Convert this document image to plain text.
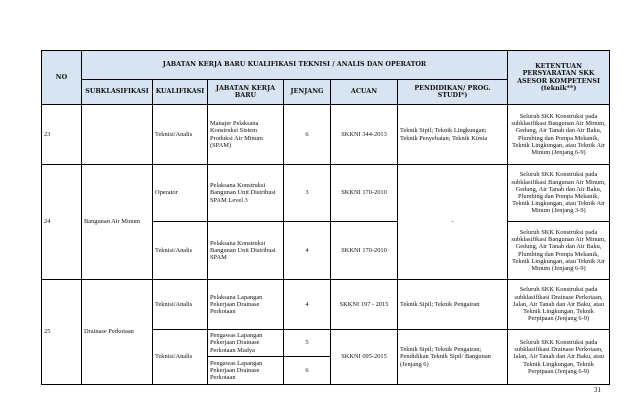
NO	JABATAN KERJA BARU KUALIFIKASI TEKNISI / ANALIS DAN OPERATOR						KETENTUAN PERSYARATAN SKK ASESOR KOMPETENSI (teknik**)
	SUBKLASIFIKASI	KUALIFIKASI	JABATAN KERJA BARU	JENJANG	ACUAN	PENDIDIKAN/ PROG. STUDI*)	
23		Teknisi/Analis	Manajer Pelaksana Konstruksi Sistem Produksi Air Minum (SPAM)	6	SKKNI 344-2013	Teknik Sipil; Teknik Lingkungan; Teknik Penyehatan; Teknik Kimia	Seluruh SKK Konstruksi pada subklasifikasi Bangunan Air Minum, Gedung, Air Tanah dan Air Baku, Plumbing dan Pompa Mekanik, Teknik Lingkungan, atau Teknik Air Minum (Jenjang 6-9)
24	Bangunan Air Minum	Operator	Pelaksana Konstruksi Bangunan Unit Distribusi SPAM Level 3	3	SKKNI 170-2010	-	Seluruh SKK Konstruksi pada subklasifikasi Bangunan Air Minum, Gedung, Air Tanah dan Air Baku, Plumbing dan Pompa Mekanik, Teknik Lingkungan, atau Teknik Air Minum (Jenjang 3-9)
		Teknisi/Analis	Pelaksana Konstruksi Bangunan Unit Distribusi SPAM	4	SKKNI 170-2010		Seluruh SKK Konstruksi pada subklasifikasi Bangunan Air Minum, Gedung, Air Tanah dan Air Baku, Plumbing dan Pompa Mekanik, Teknik Lingkungan, atau Teknik Air Minum (Jenjang 6-9)
25	Drainase Perkotaan	Teknisi/Analis	Pelaksana Lapangan Pekerjaan Drainase Perkotaan	4	SKKNI 197 - 2015	Teknik Sipil; Teknik Pengairan	Seluruh SKK Konstruksi pada subklasifikasi Drainase Perkotaan, Jalan, Air Tanah dan Air Baku, atau Teknik Lingkungan, Teknik Perpipaan (Jenjang 6-9)
		Teknisi/Analis	Pengawas Lapangan Pekerjaan Drainase Perkotaan Madya	5	SKKNI 095-2015	Teknik Sipil; Teknik Pengairan; Pendidikan Teknik Sipil/ Bangunan (Jenjang 6)	Seluruh SKK Konstruksi pada subklasifikasi Drainase Perkotaan, Jalan, Air Tanah dan Air Baku, atau Teknik Lingkungan, Teknik Perpipaan (Jenjang 6-9)
			Pengawas Lapangan Pekerjaan Drainase Perkotaan	6			
31
